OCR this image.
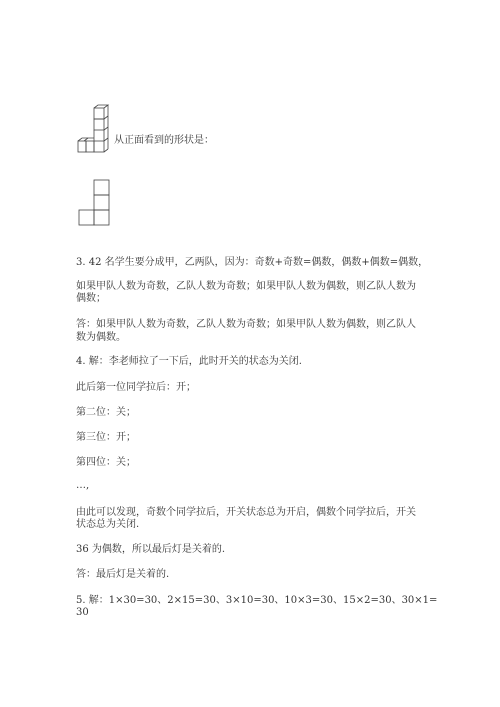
从正面看到的形状是：
3. 42 名学生要分成甲，乙两队，因为：奇数+奇数=偶数，偶数+偶数=偶数，
如果甲队人数为奇数，乙队人数为奇数；如果甲队人数为偶数，则乙队人数为
偶数；
答：如果甲队人数为奇数，乙队人数为奇数；如果甲队人数为偶数，则乙队人
数为偶数。
4. 解：李老师拉了一下后，此时开关的状态为关闭.
此后第一位同学拉后：开；
第二位：关；
第三位：开；
第四位：关；
…,
由此可以发现，奇数个同学拉后，开关状态总为开启，偶数个同学拉后，开关
状态总为关闭.
36 为偶数，所以最后灯是关着的.
答：最后灯是关着的.
5. 解：1×30=30、2×15=30、3×10=30、10×3=30、15×2=30、30×1=
30
